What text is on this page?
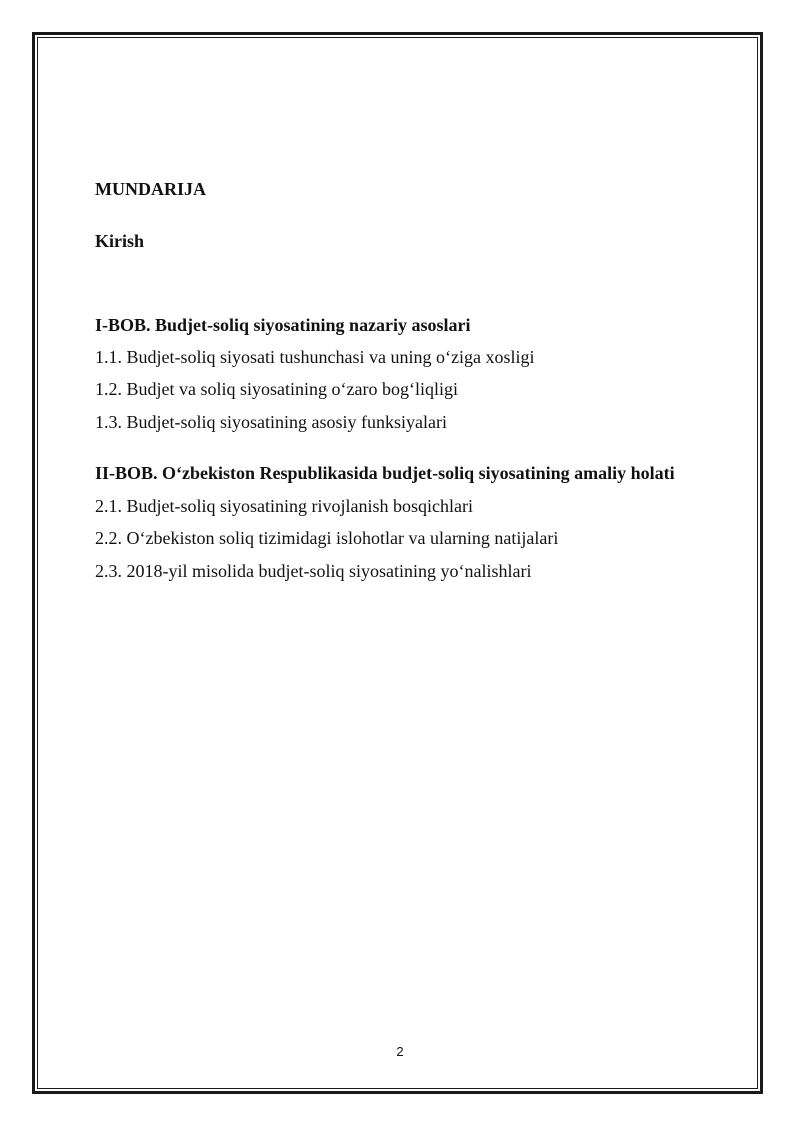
MUNDARIJA
Kirish
I-BOB. Budjet-soliq siyosatining nazariy asoslari
1.1. Budjet-soliq siyosati tushunchasi va uning o‘ziga xosligi
1.2. Budjet va soliq siyosatining o‘zaro bog‘liqligi
1.3. Budjet-soliq siyosatining asosiy funksiyalari
II-BOB. O‘zbekiston Respublikasida budjet-soliq siyosatining amaliy holati
2.1. Budjet-soliq siyosatining rivojlanish bosqichlari
2.2. O‘zbekiston soliq tizimidagi islohotlar va ularning natijalari
2.3. 2018-yil misolida budjet-soliq siyosatining yo‘nalishlari
2
